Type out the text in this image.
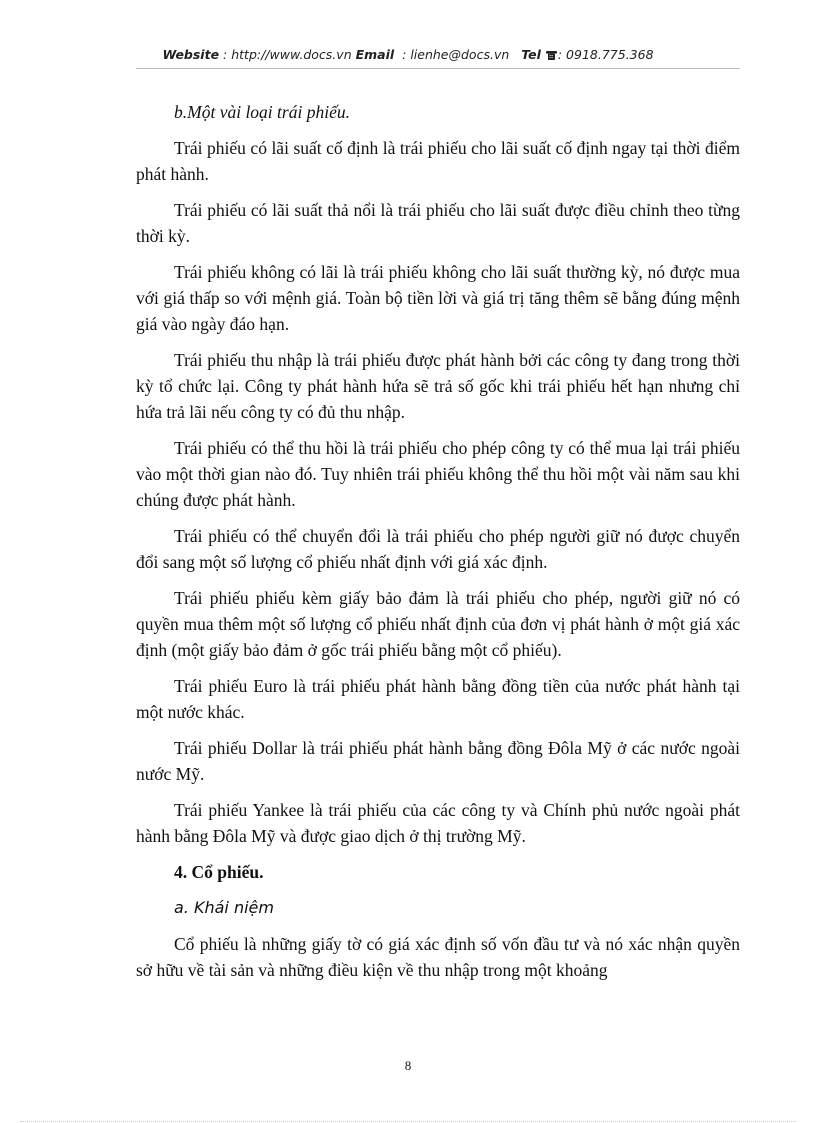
Website : http://www.docs.vn Email  : lienhe@docs.vn Tel : 0918.775.368

b.Một vài loại trái phiếu.

Trái phiếu có lãi suất cố định là trái phiếu cho lãi suất cố định ngay tại thời điểm phát hành.

Trái phiếu có lãi suất thả nổi là trái phiếu cho lãi suất được điều chỉnh theo từng thời kỳ.

Trái phiếu không có lãi là trái phiếu không cho lãi suất thường kỳ, nó được mua với giá thấp so với mệnh giá. Toàn bộ tiền lời và giá trị tăng thêm sẽ bằng đúng mệnh giá vào ngày đáo hạn.

Trái phiếu thu nhập là trái phiếu được phát hành bởi các công ty đang trong thời kỳ tổ chức lại. Công ty phát hành hứa sẽ trả số gốc khi trái phiếu hết hạn nhưng chỉ hứa trả lãi nếu công ty có đủ thu nhập.

Trái phiếu có thể thu hồi là trái phiếu cho phép công ty có thể mua lại trái phiếu vào một thời gian nào đó. Tuy nhiên trái phiếu không thể thu hồi một vài năm sau khi chúng được phát hành.

Trái phiếu có thể chuyển đổi là trái phiếu cho phép người giữ nó được chuyển đổi sang một số lượng cổ phiếu nhất định với giá xác định.

Trái phiếu phiếu kèm giấy bảo đảm là trái phiếu cho phép, người giữ nó có quyền mua thêm một số lượng cổ phiếu nhất định của đơn vị phát hành ở một giá xác định (một giấy bảo đảm ở gốc trái phiếu bằng một cổ phiếu).

Trái phiếu Euro là trái phiếu phát hành bằng đồng tiền của nước phát hành tại một nước khác.

Trái phiếu Dollar là trái phiếu phát hành bằng đồng Đôla Mỹ ở các nước ngoài nước Mỹ.

Trái phiếu Yankee là trái phiếu của các công ty và Chính phủ nước ngoài phát hành bằng Đôla Mỹ và được giao dịch ở thị trường Mỹ.

4. Cổ phiếu.

a. Khái niệm

Cổ phiếu là những giấy tờ có giá xác định số vốn đầu tư và nó xác nhận quyền sở hữu về tài sản và những điều kiện về thu nhập trong một khoảng

8
